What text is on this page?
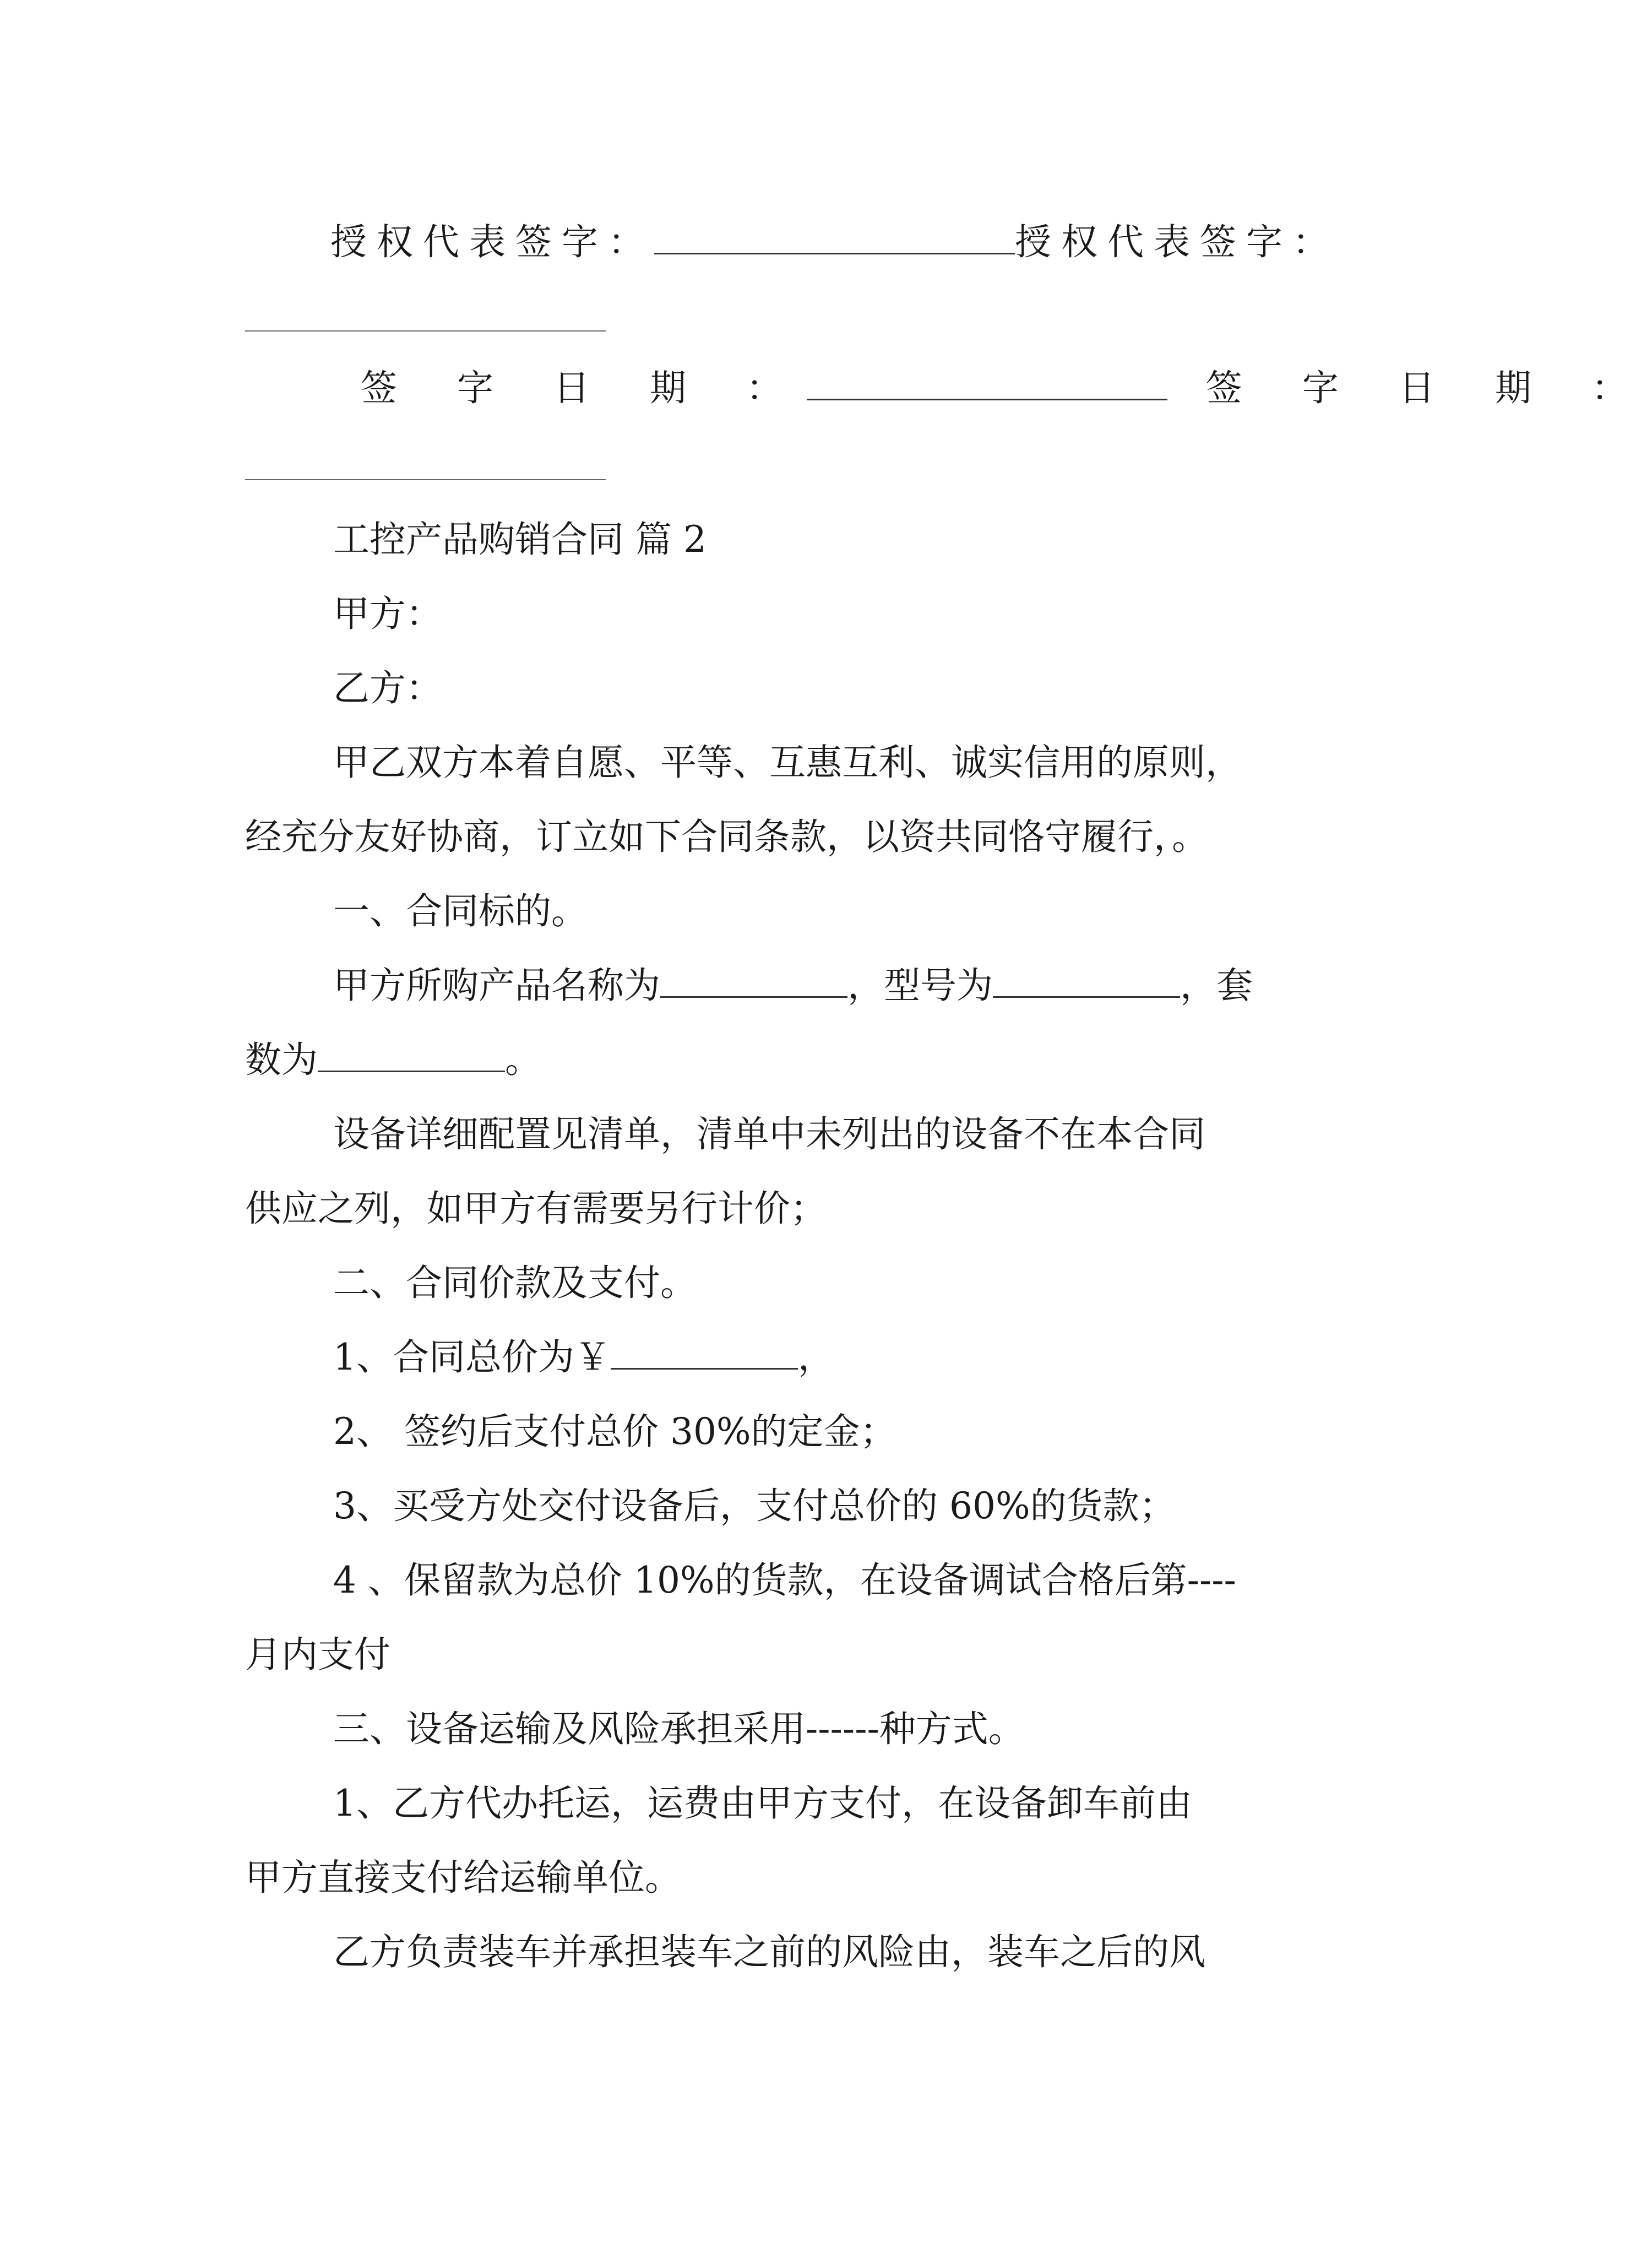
授权代表签字：	授权代表签字：
签 字 日 期 ：	签 字 日 期 ：
工控产品购销合同 篇 2
甲方：
乙方：
甲乙双方本着自愿、平等、互惠互利、诚实信用的原则，
经充分友好协商，订立如下合同条款，以资共同恪守履行，。
一、合同标的。
甲方所购产品名称为	，型号为	，套
数为	。
设备详细配置见清单，清单中未列出的设备不在本合同
供应之列，如甲方有需要另行计价；
二、合同价款及支付。
1、合同总价为￥	，
2、 签约后支付总价 30%的定金；
3、买受方处交付设备后，支付总价的 60%的货款；
4 、保留款为总价 10%的货款，在设备调试合格后第----
月内支付
三、设备运输及风险承担采用------种方式。
1、乙方代办托运，运费由甲方支付，在设备卸车前由
甲方直接支付给运输单位。
乙方负责装车并承担装车之前的风险由，装车之后的风
